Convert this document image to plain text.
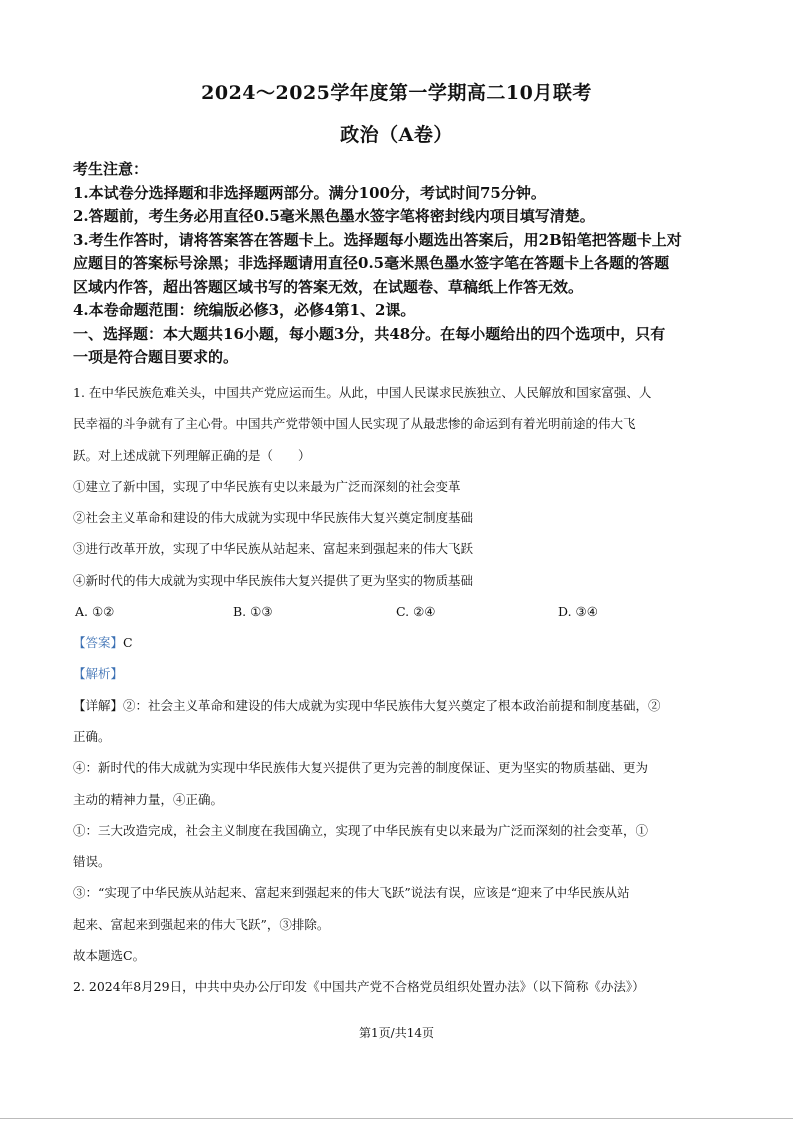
2024～2025学年度第一学期高二10月联考
政治（A卷）
考生注意：
1.本试卷分选择题和非选择题两部分。满分100分，考试时间75分钟。
2.答题前，考生务必用直径0.5毫米黑色墨水签字笔将密封线内项目填写清楚。
3.考生作答时，请将答案答在答题卡上。选择题每小题选出答案后，用2B铅笔把答题卡上对
应题目的答案标号涂黑；非选择题请用直径0.5毫米黑色墨水签字笔在答题卡上各题的答题
区域内作答，超出答题区域书写的答案无效，在试题卷、草稿纸上作答无效。
4.本卷命题范围：统编版必修3，必修4第1、2课。
一、选择题：本大题共16小题，每小题3分，共48分。在每小题给出的四个选项中，只有
一项是符合题目要求的。
1. 在中华民族危难关头，中国共产党应运而生。从此，中国人民谋求民族独立、人民解放和国家富强、人
民幸福的斗争就有了主心骨。中国共产党带领中国人民实现了从最悲惨的命运到有着光明前途的伟大飞
跃。对上述成就下列理解正确的是（　　）
①建立了新中国，实现了中华民族有史以来最为广泛而深刻的社会变革
②社会主义革命和建设的伟大成就为实现中华民族伟大复兴奠定制度基础
③进行改革开放，实现了中华民族从站起来、富起来到强起来的伟大飞跃
④新时代的伟大成就为实现中华民族伟大复兴提供了更为坚实的物质基础
A. ①②	B. ①③	C. ②④	D. ③④
【答案】C
【解析】
【详解】②：社会主义革命和建设的伟大成就为实现中华民族伟大复兴奠定了根本政治前提和制度基础，②
正确。
④：新时代的伟大成就为实现中华民族伟大复兴提供了更为完善的制度保证、更为坚实的物质基础、更为
主动的精神力量，④正确。
①：三大改造完成，社会主义制度在我国确立，实现了中华民族有史以来最为广泛而深刻的社会变革，①
错误。
③：“实现了中华民族从站起来、富起来到强起来的伟大飞跃”说法有误，应该是“迎来了中华民族从站
起来、富起来到强起来的伟大飞跃”，③排除。
故本题选C。
2. 2024年8月29日，中共中央办公厅印发《中国共产党不合格党员组织处置办法》（以下简称《办法》）
第1页/共14页
